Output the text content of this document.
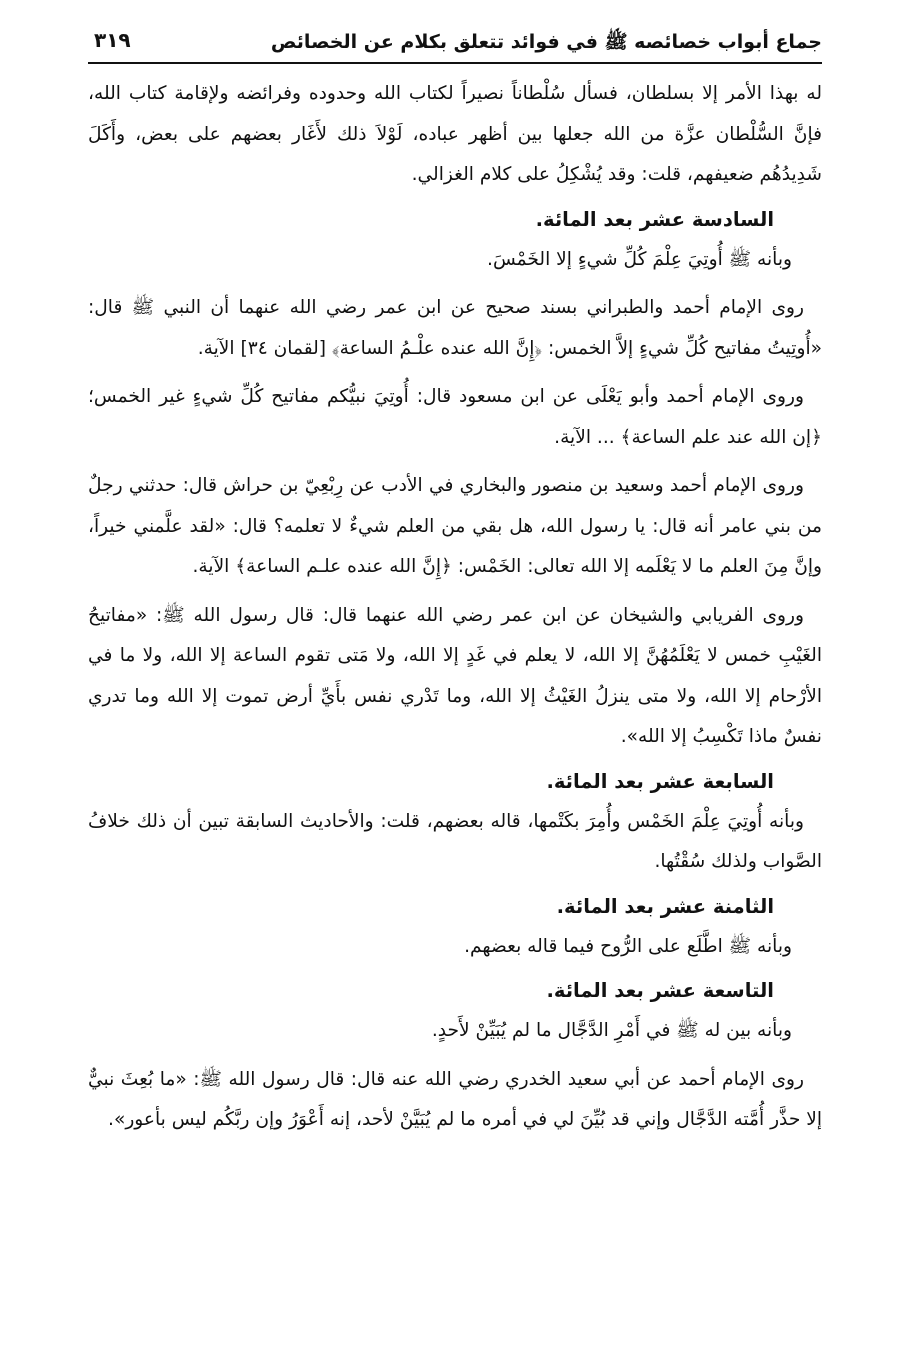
جماع أبواب خصائصه ﷺ في فوائد تتعلق بكلام عن الخصائص
٣١٩

له بهذا الأمر إلا بسلطان، فسأل سُلْطاناً نصيراً لكتاب الله وحدوده وفرائضه ولإقامة كتاب الله، فإنَّ السُّلْطان عزَّة من الله جعلها بين أظهر عباده، لَوْلاَ ذلك لأَغَار بعضهم على بعض، وأَكَلَ شَدِيدُهُم ضعيفهم، قلت: وقد يُشْكِلُ على كلام الغزالي.

السادسة عشر بعد المائة.

وبأنه ﷺ أُوتِيَ عِلْمَ كُلِّ شيءٍ إلا الخَمْسَ.

روى الإمام أحمد والطبراني بسند صحيح عن ابن عمر رضي الله عنهما أن النبي ﷺ قال: «أُوتِيتُ مفاتيح كُلِّ شيءٍ إلاَّ الخمس: ﴿إِنَّ الله عنده علْـمُ الساعة﴾ [لقمان ٣٤] الآية.

وروى الإمام أحمد وأبو يَعْلَى عن ابن مسعود قال: أُوتِيَ نبيُّكم مفاتيح كُلِّ شيءٍ غير الخمس؛ ﴿إن الله عند علم الساعة﴾ ... الآية.

وروى الإمام أحمد وسعيد بن منصور والبخاري في الأدب عن رِبْعِيّ بن حراش قال: حدثني رجلٌ من بني عامر أنه قال: يا رسول الله، هل بقي من العلم شيءٌ لا تعلمه؟ قال: «لقد علَّمني خيراً، وإنَّ مِنَ العلم ما لا يَعْلَمه إلا الله تعالى: الخَمْس: ﴿إِنَّ الله عنده علـم الساعة﴾ الآية.

وروى الفريابي والشيخان عن ابن عمر رضي الله عنهما قال: قال رسول الله ﷺ: «مفاتيحُ الغَيْبِ خمس لا يَعْلَمُهُنَّ إلا الله، لا يعلم في غَدٍ إلا الله، ولا مَتى تقوم الساعة إلا الله، ولا ما في الأرْحام إلا الله، ولا متى ينزلُ الغَيْثُ إلا الله، وما تَدْري نفس بأَيِّ أرض تموت إلا الله وما تدري نفسٌ ماذا تَكْسِبُ إلا الله».

السابعة عشر بعد المائة.

وبأنه أُوتِيَ عِلْمَ الخَمْس وأُمِرَ بكَتْمها، قاله بعضهم، قلت: والأحاديث السابقة تبين أن ذلك خلافُ الصَّواب ولذلك سُقْتُها.

الثامنة عشر بعد المائة.

وبأنه ﷺ اطَّلَع على الرُّوح فيما قاله بعضهم.

التاسعة عشر بعد المائة.

وبأنه بين له ﷺ في أَمْرِ الدَّجَّال ما لم يُبَيِّنْ لأَحدٍ.

روى الإمام أحمد عن أبي سعيد الخدري رضي الله عنه قال: قال رسول الله ﷺ: «ما بُعِثَ نبيٌّ إلا حذَّر أُمَّته الدَّجَّال وإني قد بُيِّنَ لي في أمره ما لم يُبَيَّنْ لأحد، إنه أَعْوَرُ وإن ربَّكُم ليس بأعور».
